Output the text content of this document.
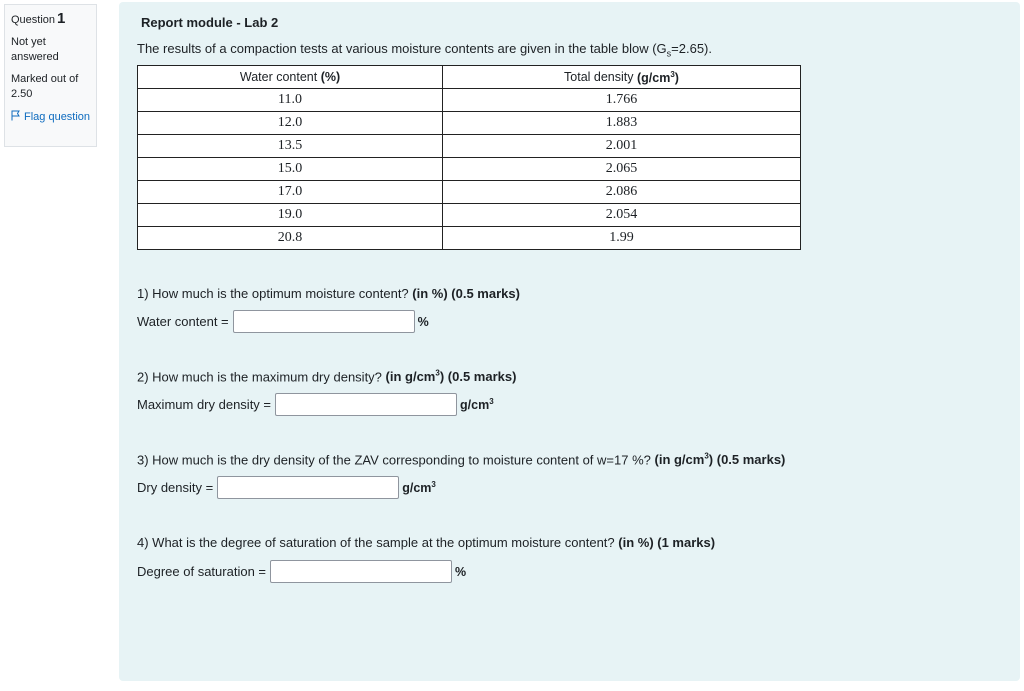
Question 1
Not yet answered
Marked out of 2.50
Flag question
Report module - Lab 2
The results of a compaction tests at various moisture contents are given in the table blow $(G_s=2.65)$.
Water content (%)	Total density $(g/cm^3)$
11.0	1.766
12.0	1.883
13.5	2.001
15.0	2.065
17.0	2.086
19.0	2.054
20.8	1.99
1) How much is the optimum moisture content? (in %) (0.5 marks)
Water content =	%
2) How much is the maximum dry density? (in $g/cm^3$) (0.5 marks)
Maximum dry density =	$g/cm^3$
3) How much is the dry density of the ZAV corresponding to moisture content of w=17 %? (in $g/cm^3$) (0.5 marks)
Dry density =	$g/cm^3$
4) What is the degree of saturation of the sample at the optimum moisture content? (in %) (1 marks)
Degree of saturation =	%
